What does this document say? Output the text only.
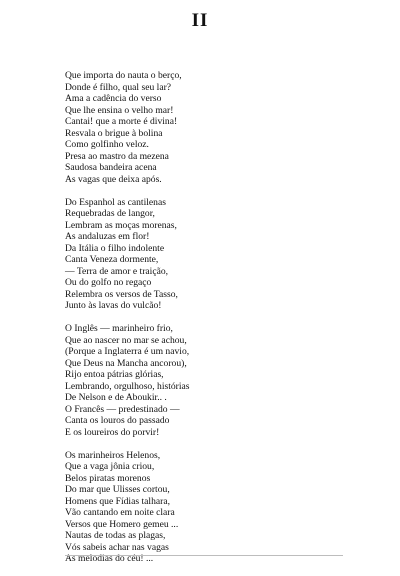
II
Que importa do nauta o berço,
Donde é filho, qual seu lar?
Ama a cadência do verso
Que lhe ensina o velho mar!
Cantai! que a morte é divina!
Resvala o brigue à bolina
Como golfinho veloz.
Presa ao mastro da mezena
Saudosa bandeira acena
As vagas que deixa após.
Do Espanhol as cantilenas
Requebradas de langor,
Lembram as moças morenas,
As andaluzas em flor!
Da Itália o filho indolente
Canta Veneza dormente,
— Terra de amor e traição,
Ou do golfo no regaço
Relembra os versos de Tasso,
Junto às lavas do vulcão!
O Inglês — marinheiro frio,
Que ao nascer no mar se achou,
(Porque a Inglaterra é um navio,
Que Deus na Mancha ancorou),
Rijo entoa pátrias glórias,
Lembrando, orgulhoso, histórias
De Nelson e de Aboukir.. .
O Francês — predestinado —
Canta os louros do passado
E os loureiros do porvir!
Os marinheiros Helenos,
Que a vaga jônia criou,
Belos piratas morenos
Do mar que Ulisses cortou,
Homens que Fídias talhara,
Vão cantando em noite clara
Versos que Homero gemeu ...
Nautas de todas as plagas,
Vós sabeis achar nas vagas
As melodias do céu! ...
